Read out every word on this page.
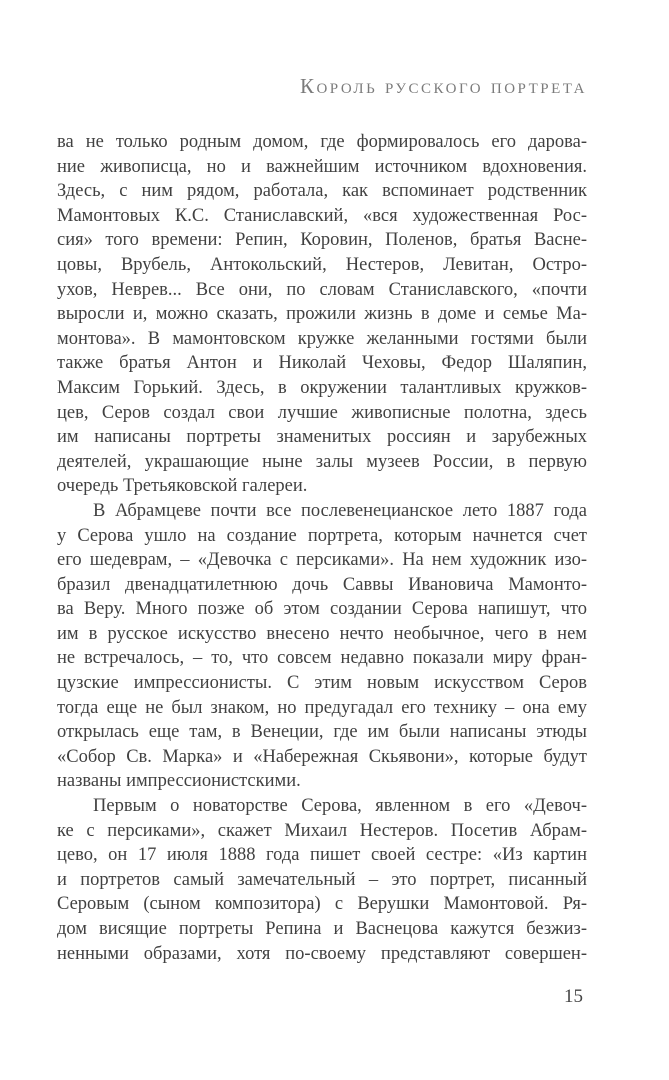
Король русского портрета
ва не только родным домом, где формировалось его дарова-
ние живописца, но и важнейшим источником вдохновения.
Здесь, с ним рядом, работала, как вспоминает родственник
Мамонтовых К.С. Станиславский, «вся художественная Рос-
сия» того времени: Репин, Коровин, Поленов, братья Васне-
цовы, Врубель, Антокольский, Нестеров, Левитан, Остро-
ухов, Неврев... Все они, по словам Станиславского, «почти
выросли и, можно сказать, прожили жизнь в доме и семье Ма-
монтова». В мамонтовском кружке желанными гостями были
также братья Антон и Николай Чеховы, Федор Шаляпин,
Максим Горький. Здесь, в окружении талантливых кружков-
цев, Серов создал свои лучшие живописные полотна, здесь
им написаны портреты знаменитых россиян и зарубежных
деятелей, украшающие ныне залы музеев России, в первую
очередь Третьяковской галереи.
В Абрамцеве почти все послевенецианское лето 1887 года
у Серова ушло на создание портрета, которым начнется счет
его шедеврам, – «Девочка с персиками». На нем художник изо-
бразил двенадцатилетнюю дочь Саввы Ивановича Мамонто-
ва Веру. Много позже об этом создании Серова напишут, что
им в русское искусство внесено нечто необычное, чего в нем
не встречалось, – то, что совсем недавно показали миру фран-
цузские импрессионисты. С этим новым искусством Серов
тогда еще не был знаком, но предугадал его технику – она ему
открылась еще там, в Венеции, где им были написаны этюды
«Собор Св. Марка» и «Набережная Скьявони», которые будут
названы импрессионистскими.
Первым о новаторстве Серова, явленном в его «Девоч-
ке с персиками», скажет Михаил Нестеров. Посетив Абрам-
цево, он 17 июля 1888 года пишет своей сестре: «Из картин
и портретов самый замечательный – это портрет, писанный
Серовым (сыном композитора) с Верушки Мамонтовой. Ря-
дом висящие портреты Репина и Васнецова кажутся безжиз-
ненными образами, хотя по-своему представляют совершен-
15
